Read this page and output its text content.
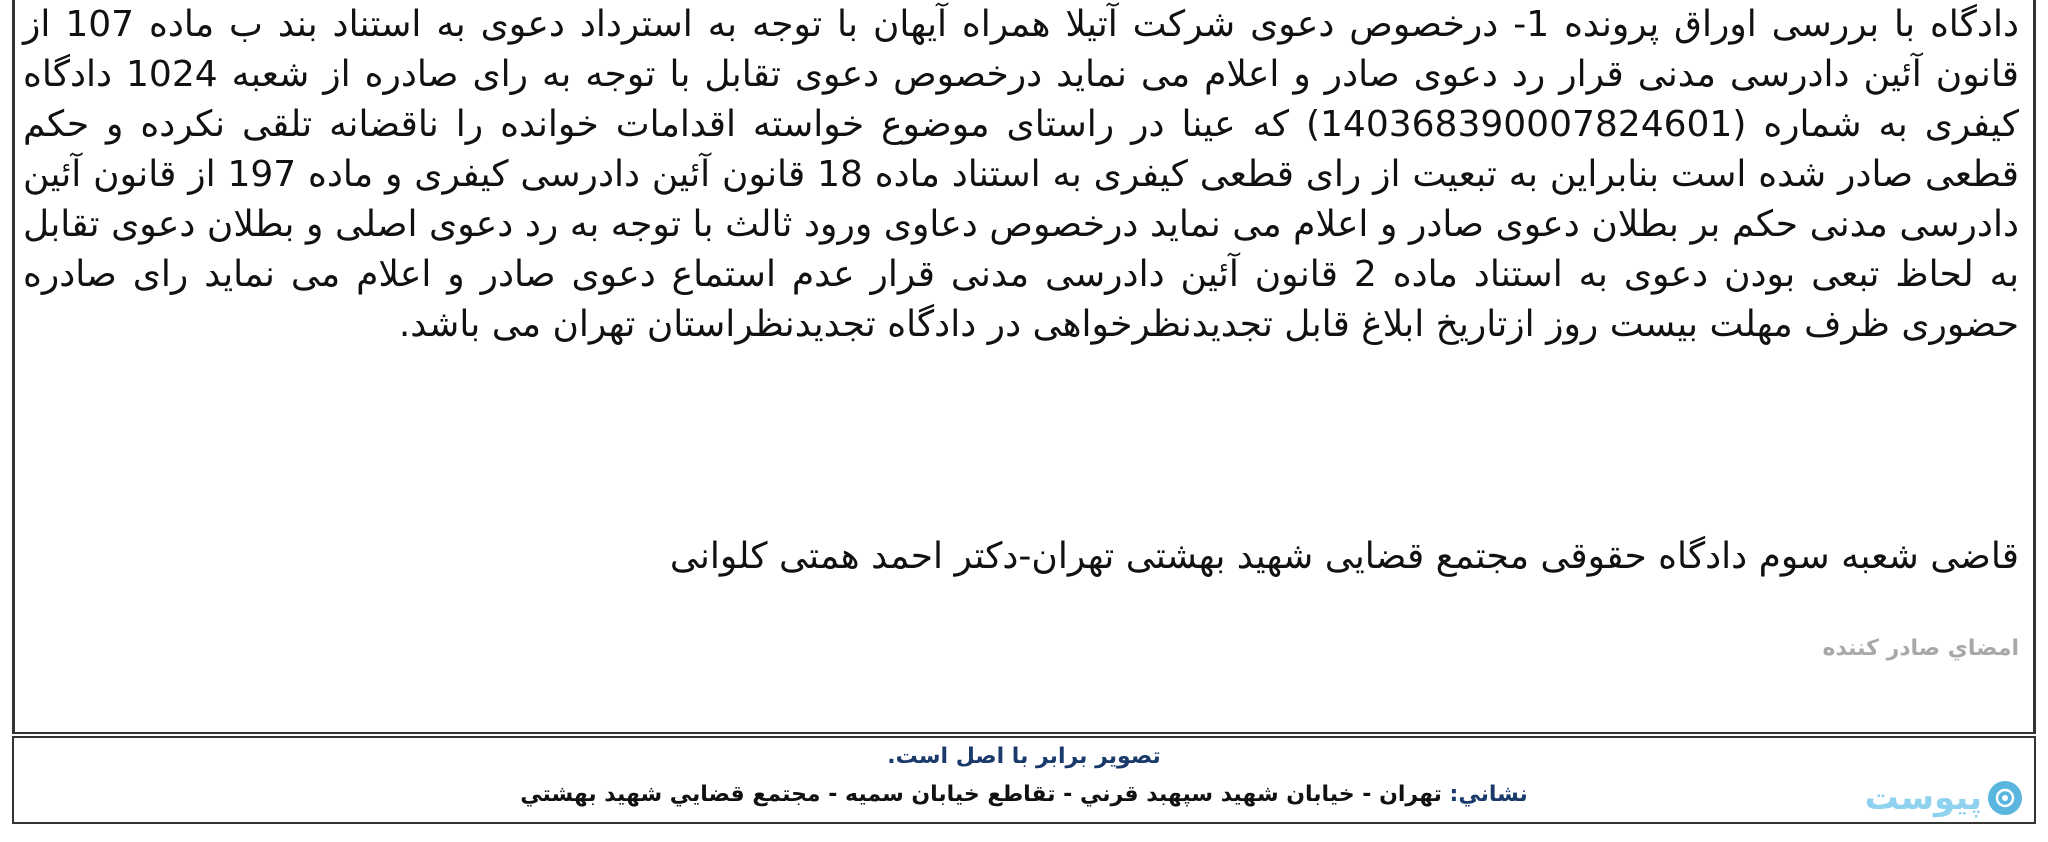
دادگاه با بررسی اوراق پرونده 1- درخصوص دعوی شرکت آتیلا همراه آیهان با توجه به استرداد دعوی به استناد بند ب ماده 107 از قانون آئین دادرسی مدنی قرار رد دعوی صادر و اعلام می نماید درخصوص دعوی تقابل با توجه به رای صادره از شعبه 1024 دادگاه کیفری به شماره (140368390007824601) که عینا در راستای موضوع خواسته اقدامات خوانده را ناقضانه تلقی نکرده و حکم قطعی صادر شده است بنابراین به تبعیت از رای قطعی کیفری به استناد ماده 18 قانون آئین دادرسی کیفری و ماده 197 از قانون آئین دادرسی مدنی حکم بر بطلان دعوی صادر و اعلام می نماید درخصوص دعاوی ورود ثالث با توجه به رد دعوی اصلی و بطلان دعوی تقابل به لحاظ تبعی بودن دعوی به استناد ماده 2 قانون آئین دادرسی مدنی قرار عدم استماع دعوی صادر و اعلام می نماید رای صادره حضوری ظرف مهلت بیست روز ازتاریخ ابلاغ قابل تجدیدنظرخواهی در دادگاه تجدیدنظراستان تهران می باشد.

قاضی شعبه سوم دادگاه حقوقی مجتمع قضایی شهید بهشتی تهران-دکتر احمد همتی کلوانی

امضاي صادر كننده

تصوير برابر با اصل است.

نشاني: تهران - خيابان شهيد سپهبد قرني - تقاطع خيابان سميه - مجتمع قضايي شهيد بهشتي	پیوست
